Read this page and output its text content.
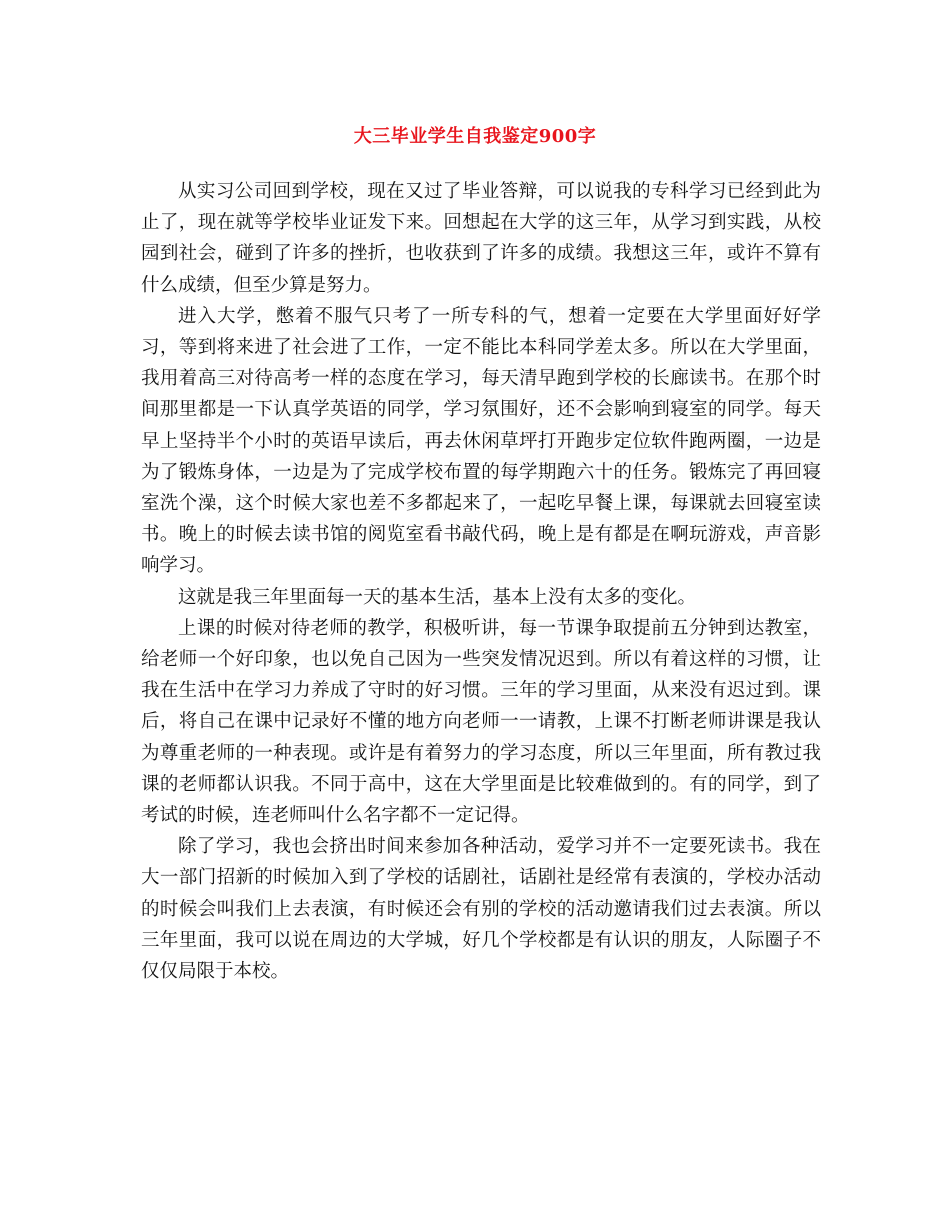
大三毕业学生自我鉴定900字

从实习公司回到学校，现在又过了毕业答辩，可以说我的专科学习已经到此为止了，现在就等学校毕业证发下来。回想起在大学的这三年，从学习到实践，从校园到社会，碰到了许多的挫折，也收获到了许多的成绩。我想这三年，或许不算有什么成绩，但至少算是努力。

进入大学，憋着不服气只考了一所专科的气，想着一定要在大学里面好好学习，等到将来进了社会进了工作，一定不能比本科同学差太多。所以在大学里面，我用着高三对待高考一样的态度在学习，每天清早跑到学校的长廊读书。在那个时间那里都是一下认真学英语的同学，学习氛围好，还不会影响到寝室的同学。每天早上坚持半个小时的英语早读后，再去休闲草坪打开跑步定位软件跑两圈，一边是为了锻炼身体，一边是为了完成学校布置的每学期跑六十的任务。锻炼完了再回寝室洗个澡，这个时候大家也差不多都起来了，一起吃早餐上课，每课就去回寝室读书。晚上的时候去读书馆的阅览室看书敲代码，晚上是有都是在啊玩游戏，声音影响学习。

这就是我三年里面每一天的基本生活，基本上没有太多的变化。

上课的时候对待老师的教学，积极听讲，每一节课争取提前五分钟到达教室，给老师一个好印象，也以免自己因为一些突发情况迟到。所以有着这样的习惯，让我在生活中在学习力养成了守时的好习惯。三年的学习里面，从来没有迟过到。课后，将自己在课中记录好不懂的地方向老师一一请教，上课不打断老师讲课是我认为尊重老师的一种表现。或许是有着努力的学习态度，所以三年里面，所有教过我课的老师都认识我。不同于高中，这在大学里面是比较难做到的。有的同学，到了考试的时候，连老师叫什么名字都不一定记得。

除了学习，我也会挤出时间来参加各种活动，爱学习并不一定要死读书。我在大一部门招新的时候加入到了学校的话剧社，话剧社是经常有表演的，学校办活动的时候会叫我们上去表演，有时候还会有别的学校的活动邀请我们过去表演。所以三年里面，我可以说在周边的大学城，好几个学校都是有认识的朋友，人际圈子不仅仅局限于本校。
